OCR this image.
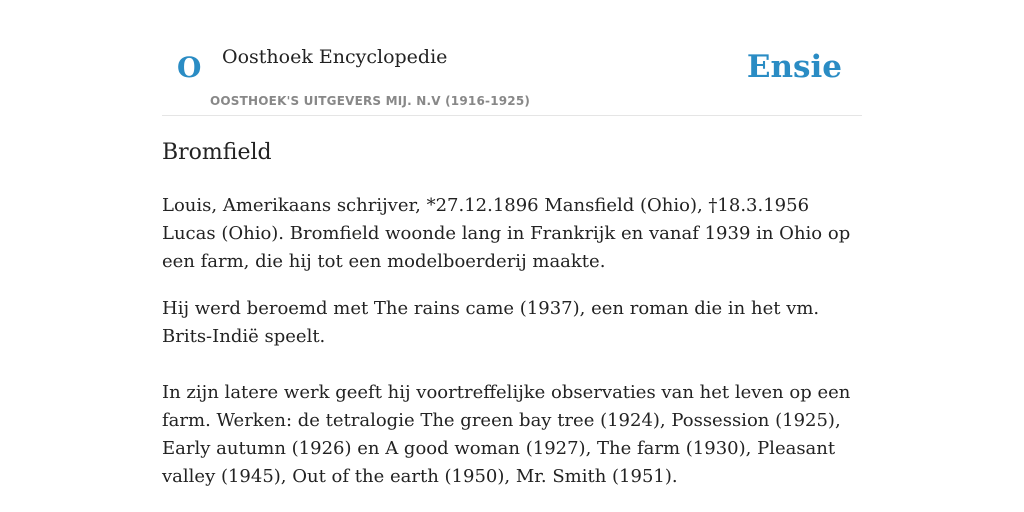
O Oosthoek Encyclopedie
OOSTHOEK'S UITGEVERS MIJ. N.V (1916-1925)
Ensie
Bromfield

Louis, Amerikaans schrijver, *27.12.1896 Mansfield (Ohio), †18.3.1956 Lucas (Ohio). Bromfield woonde lang in Frankrijk en vanaf 1939 in Ohio op een farm, die hij tot een modelboerderij maakte.

Hij werd beroemd met The rains came (1937), een roman die in het vm. Brits-Indië speelt.

In zijn latere werk geeft hij voortreffelijke observaties van het leven op een farm. Werken: de tetralogie The green bay tree (1924), Possession (1925), Early autumn (1926) en A good woman (1927), The farm (1930), Pleasant valley (1945), Out of the earth (1950), Mr. Smith (1951).
